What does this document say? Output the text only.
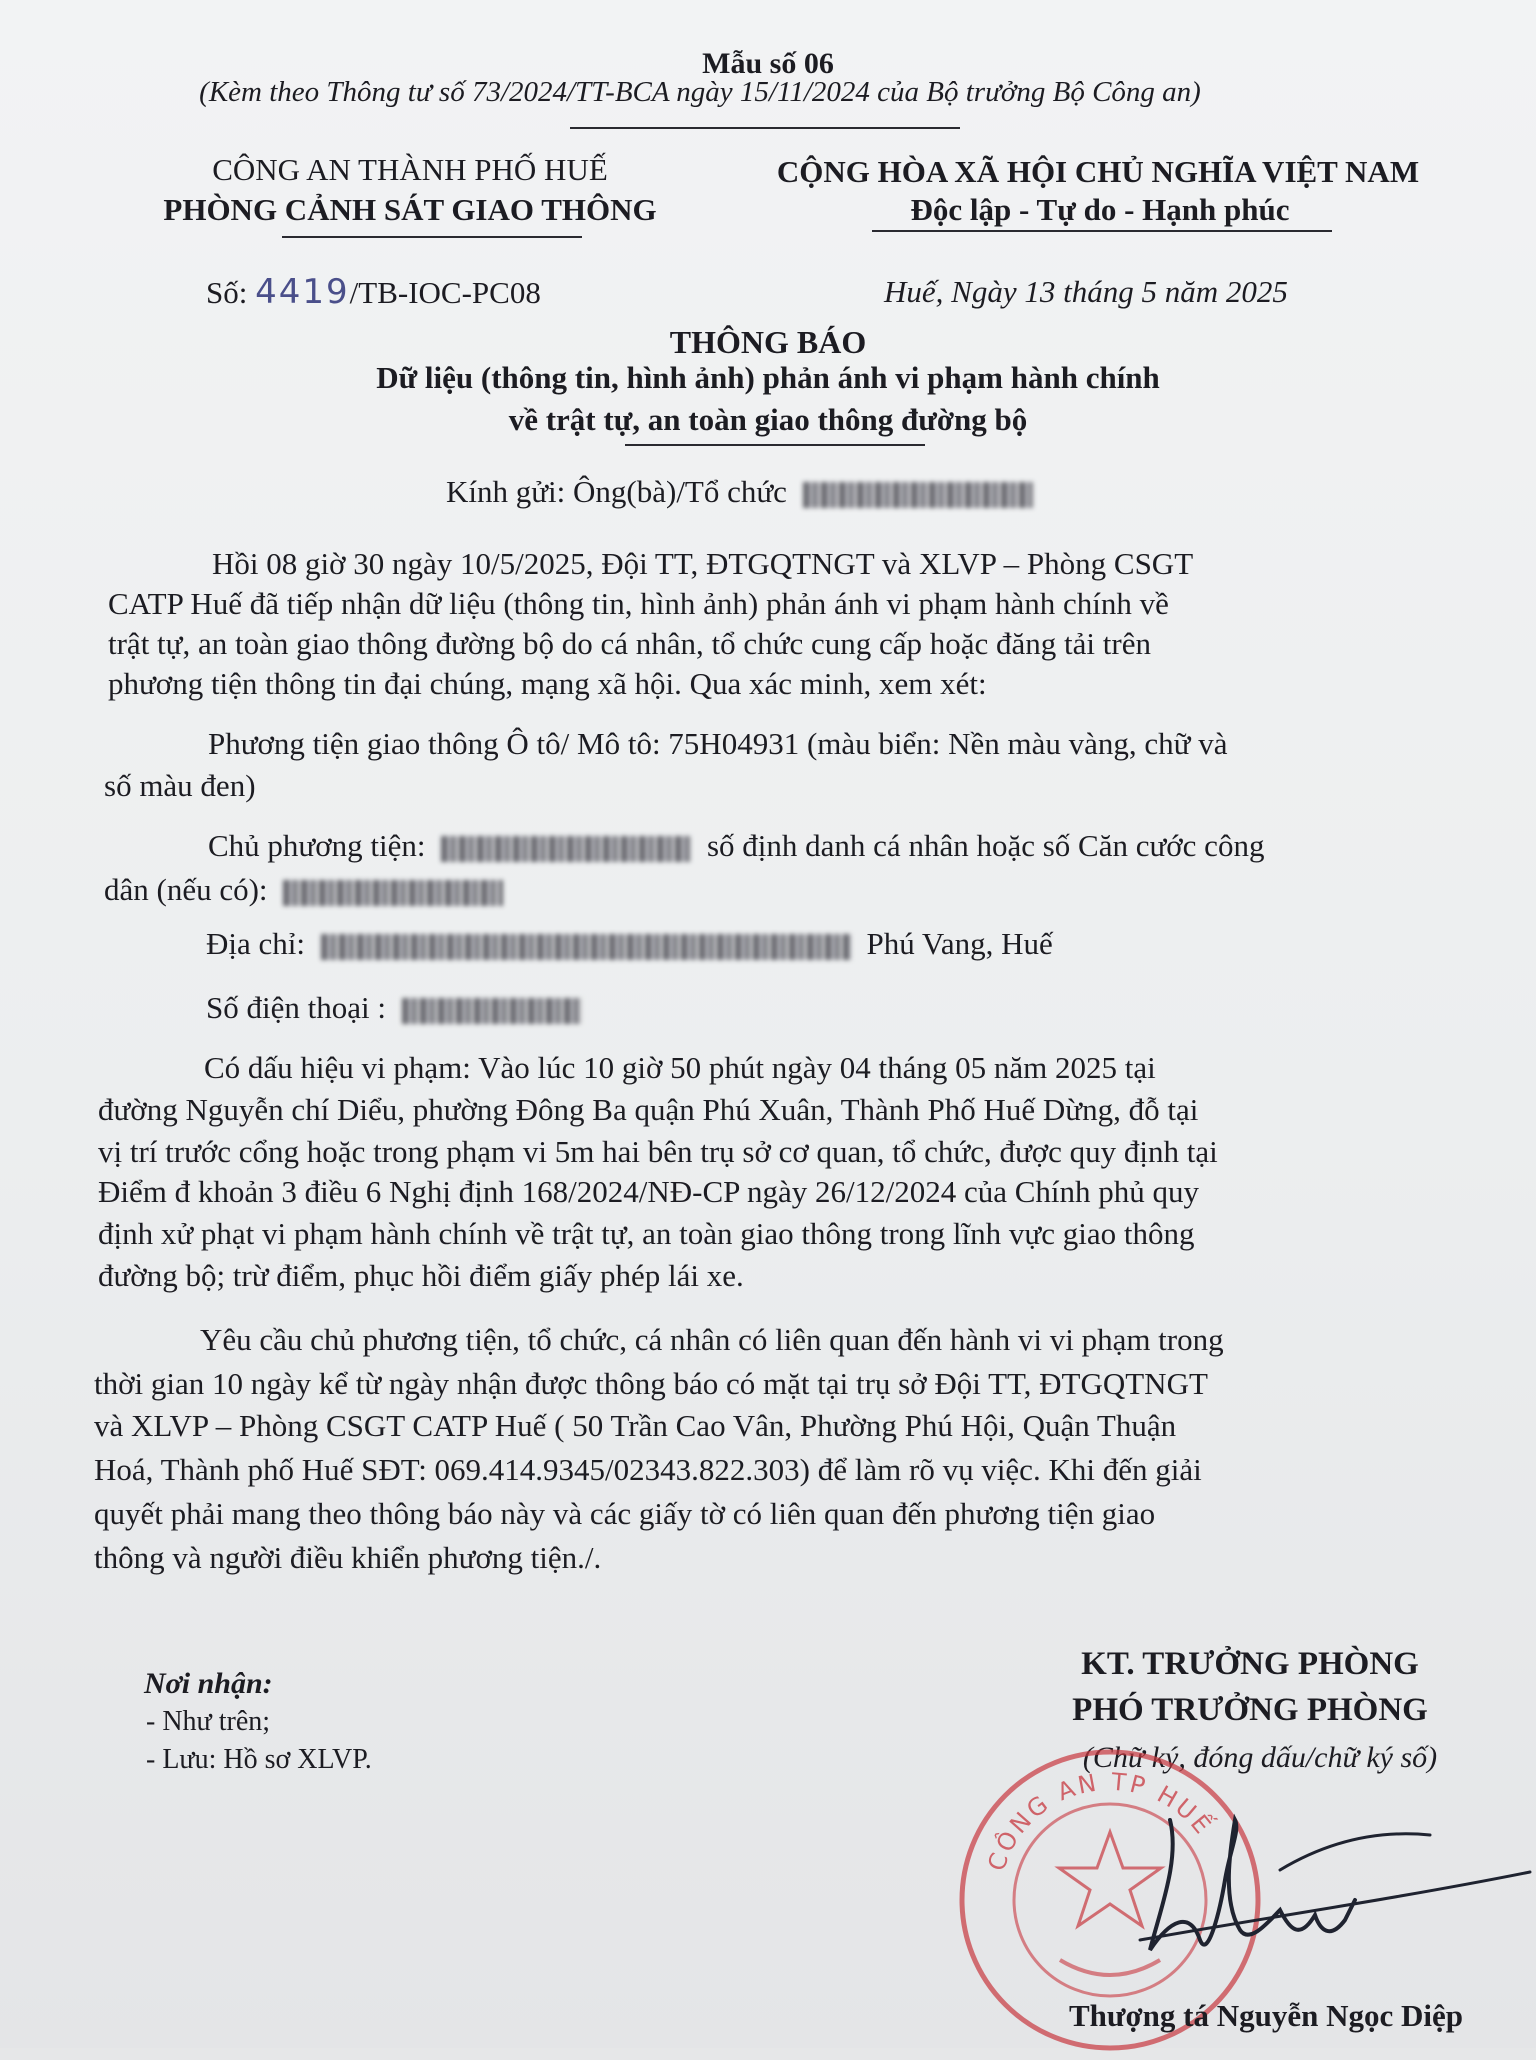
Mẫu số 06
(Kèm theo Thông tư số 73/2024/TT-BCA ngày 15/11/2024 của Bộ trưởng Bộ Công an)
CÔNG AN THÀNH PHỐ HUẾ
PHÒNG CẢNH SÁT GIAO THÔNG
CỘNG HÒA XÃ HỘI CHỦ NGHĨA VIỆT NAM
Độc lập - Tự do - Hạnh phúc
Số: 4419/TB-IOC-PC08	Huế, Ngày 13 tháng 5 năm 2025
THÔNG BÁO
Dữ liệu (thông tin, hình ảnh) phản ánh vi phạm hành chính
về trật tự, an toàn giao thông đường bộ
Kính gửi: Ông(bà)/Tổ chức
Hồi 08 giờ 30 ngày 10/5/2025, Đội TT, ĐTGQTNGT và XLVP – Phòng CSGT
CATP Huế đã tiếp nhận dữ liệu (thông tin, hình ảnh) phản ánh vi phạm hành chính về
trật tự, an toàn giao thông đường bộ do cá nhân, tổ chức cung cấp hoặc đăng tải trên
phương tiện thông tin đại chúng, mạng xã hội. Qua xác minh, xem xét:
Phương tiện giao thông Ô tô/ Mô tô: 75H04931 (màu biển: Nền màu vàng, chữ và
số màu đen)
Chủ phương tiện:	số định danh cá nhân hoặc số Căn cước công
dân (nếu có):
Địa chỉ:	Phú Vang, Huế
Số điện thoại :
Có dấu hiệu vi phạm: Vào lúc 10 giờ 50 phút ngày 04 tháng 05 năm 2025 tại
đường Nguyễn chí Diểu, phường Đông Ba quận Phú Xuân, Thành Phố Huế Dừng, đỗ tại
vị trí trước cổng hoặc trong phạm vi 5m hai bên trụ sở cơ quan, tổ chức, được quy định tại
Điểm đ khoản 3 điều 6 Nghị định 168/2024/NĐ-CP ngày 26/12/2024 của Chính phủ quy
định xử phạt vi phạm hành chính về trật tự, an toàn giao thông trong lĩnh vực giao thông
đường bộ; trừ điểm, phục hồi điểm giấy phép lái xe.
Yêu cầu chủ phương tiện, tổ chức, cá nhân có liên quan đến hành vi vi phạm trong
thời gian 10 ngày kể từ ngày nhận được thông báo có mặt tại trụ sở Đội TT, ĐTGQTNGT
và XLVP – Phòng CSGT CATP Huế ( 50 Trần Cao Vân, Phường Phú Hội, Quận Thuận
Hoá, Thành phố Huế SĐT: 069.414.9345/02343.822.303) để làm rõ vụ việc. Khi đến giải
quyết phải mang theo thông báo này và các giấy tờ có liên quan đến phương tiện giao
thông và người điều khiển phương tiện./.
Nơi nhận:
- Như trên;
- Lưu: Hồ sơ XLVP.
KT. TRƯỞNG PHÒNG
PHÓ TRƯỞNG PHÒNG
(Chữ ký, đóng dấu/chữ ký số)
CÔNG AN TP HUẾ
Thượng tá Nguyễn Ngọc Diệp
